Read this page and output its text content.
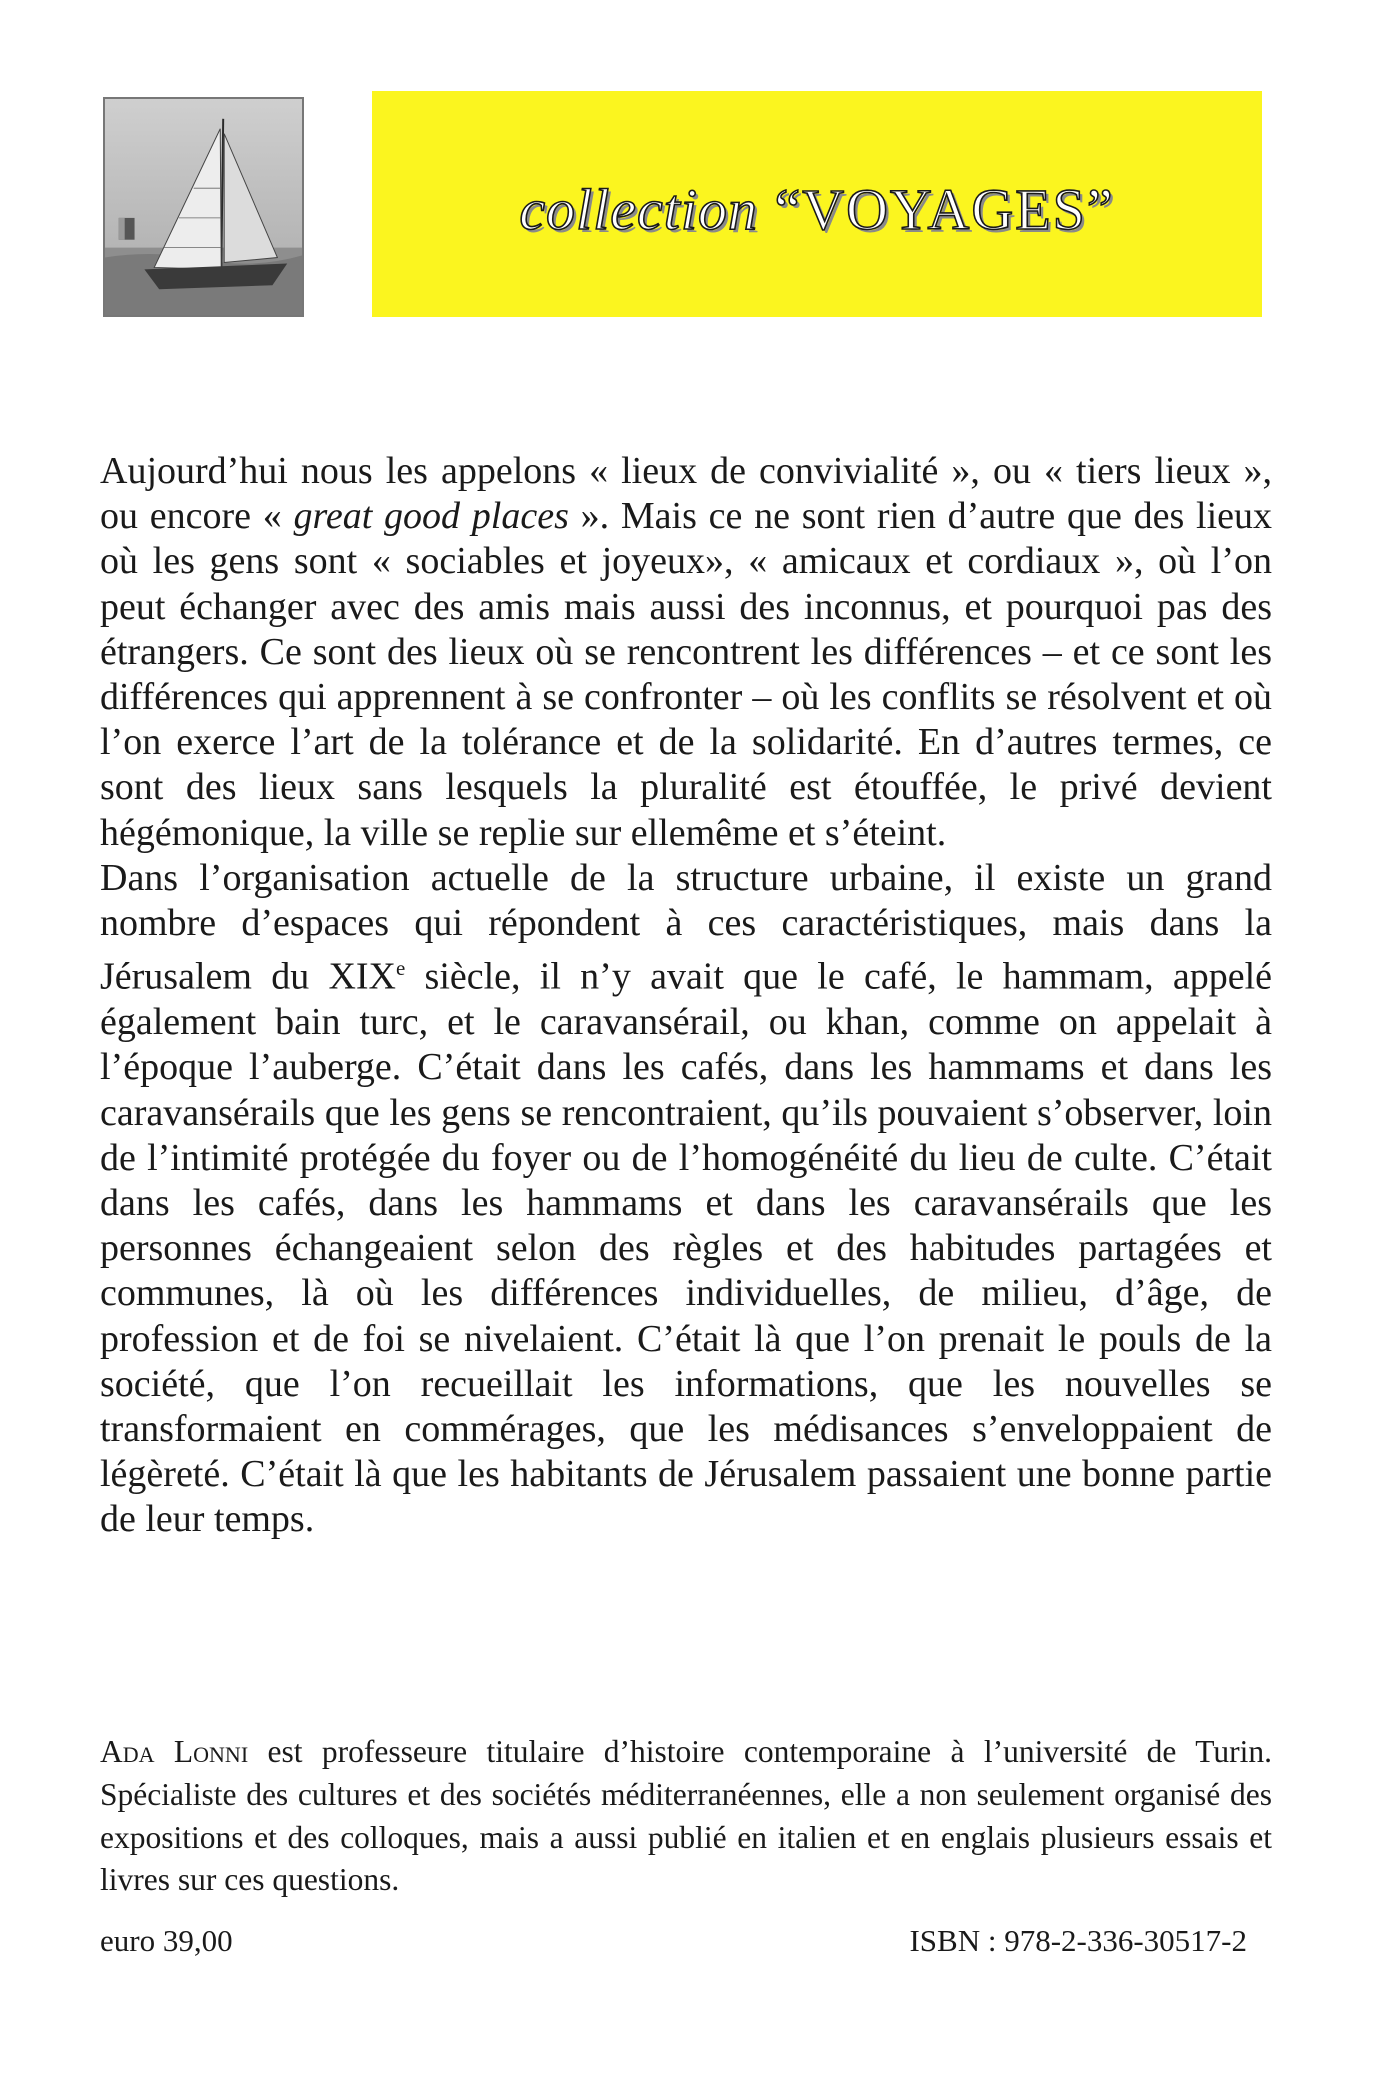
collection “VOYAGES”

Aujourd’hui nous les appelons « lieux de convivialité », ou « tiers lieux », ou encore « great good places ». Mais ce ne sont rien d’autre que des lieux où les gens sont « sociables et joyeux», « amicaux et cordiaux », où l’on peut échanger avec des amis mais aussi des inconnus, et pourquoi pas des étrangers. Ce sont des lieux où se rencontrent les différences – et ce sont les différences qui apprennent à se confronter – où les conflits se résolvent et où l’on exerce l’art de la tolérance et de la solidarité. En d’autres termes, ce sont des lieux sans lesquels la pluralité est étouffée, le privé devient hégémonique, la ville se replie sur ellemême et s’éteint.

Dans l’organisation actuelle de la structure urbaine, il existe un grand nombre d’espaces qui répondent à ces caractéristiques, mais dans la Jérusalem du XIXe siècle, il n’y avait que le café, le hammam, appelé également bain turc, et le caravansérail, ou khan, comme on appelait à l’époque l’auberge. C’était dans les cafés, dans les hammams et dans les caravansérails que les gens se rencontraient, qu’ils pouvaient s’observer, loin de l’intimité protégée du foyer ou de l’homogénéité du lieu de culte. C’était dans les cafés, dans les hammams et dans les caravansérails que les personnes échangeaient selon des règles et des habitudes partagées et communes, là où les différences individuelles, de milieu, d’âge, de profession et de foi se nivelaient. C’était là que l’on prenait le pouls de la société, que l’on recueillait les informations, que les nouvelles se transformaient en commérages, que les médisances s’enveloppaient de légèreté. C’était là que les habitants de Jérusalem passaient une bonne partie de leur temps.

Ada Lonni est professeure titulaire d’histoire contemporaine à l’université de Turin. Spécialiste des cultures et des sociétés méditerranéennes, elle a non seulement organisé des expositions et des colloques, mais a aussi publié en italien et en englais plusieurs essais et livres sur ces questions.

euro 39,00	ISBN : 978-2-336-30517-2
